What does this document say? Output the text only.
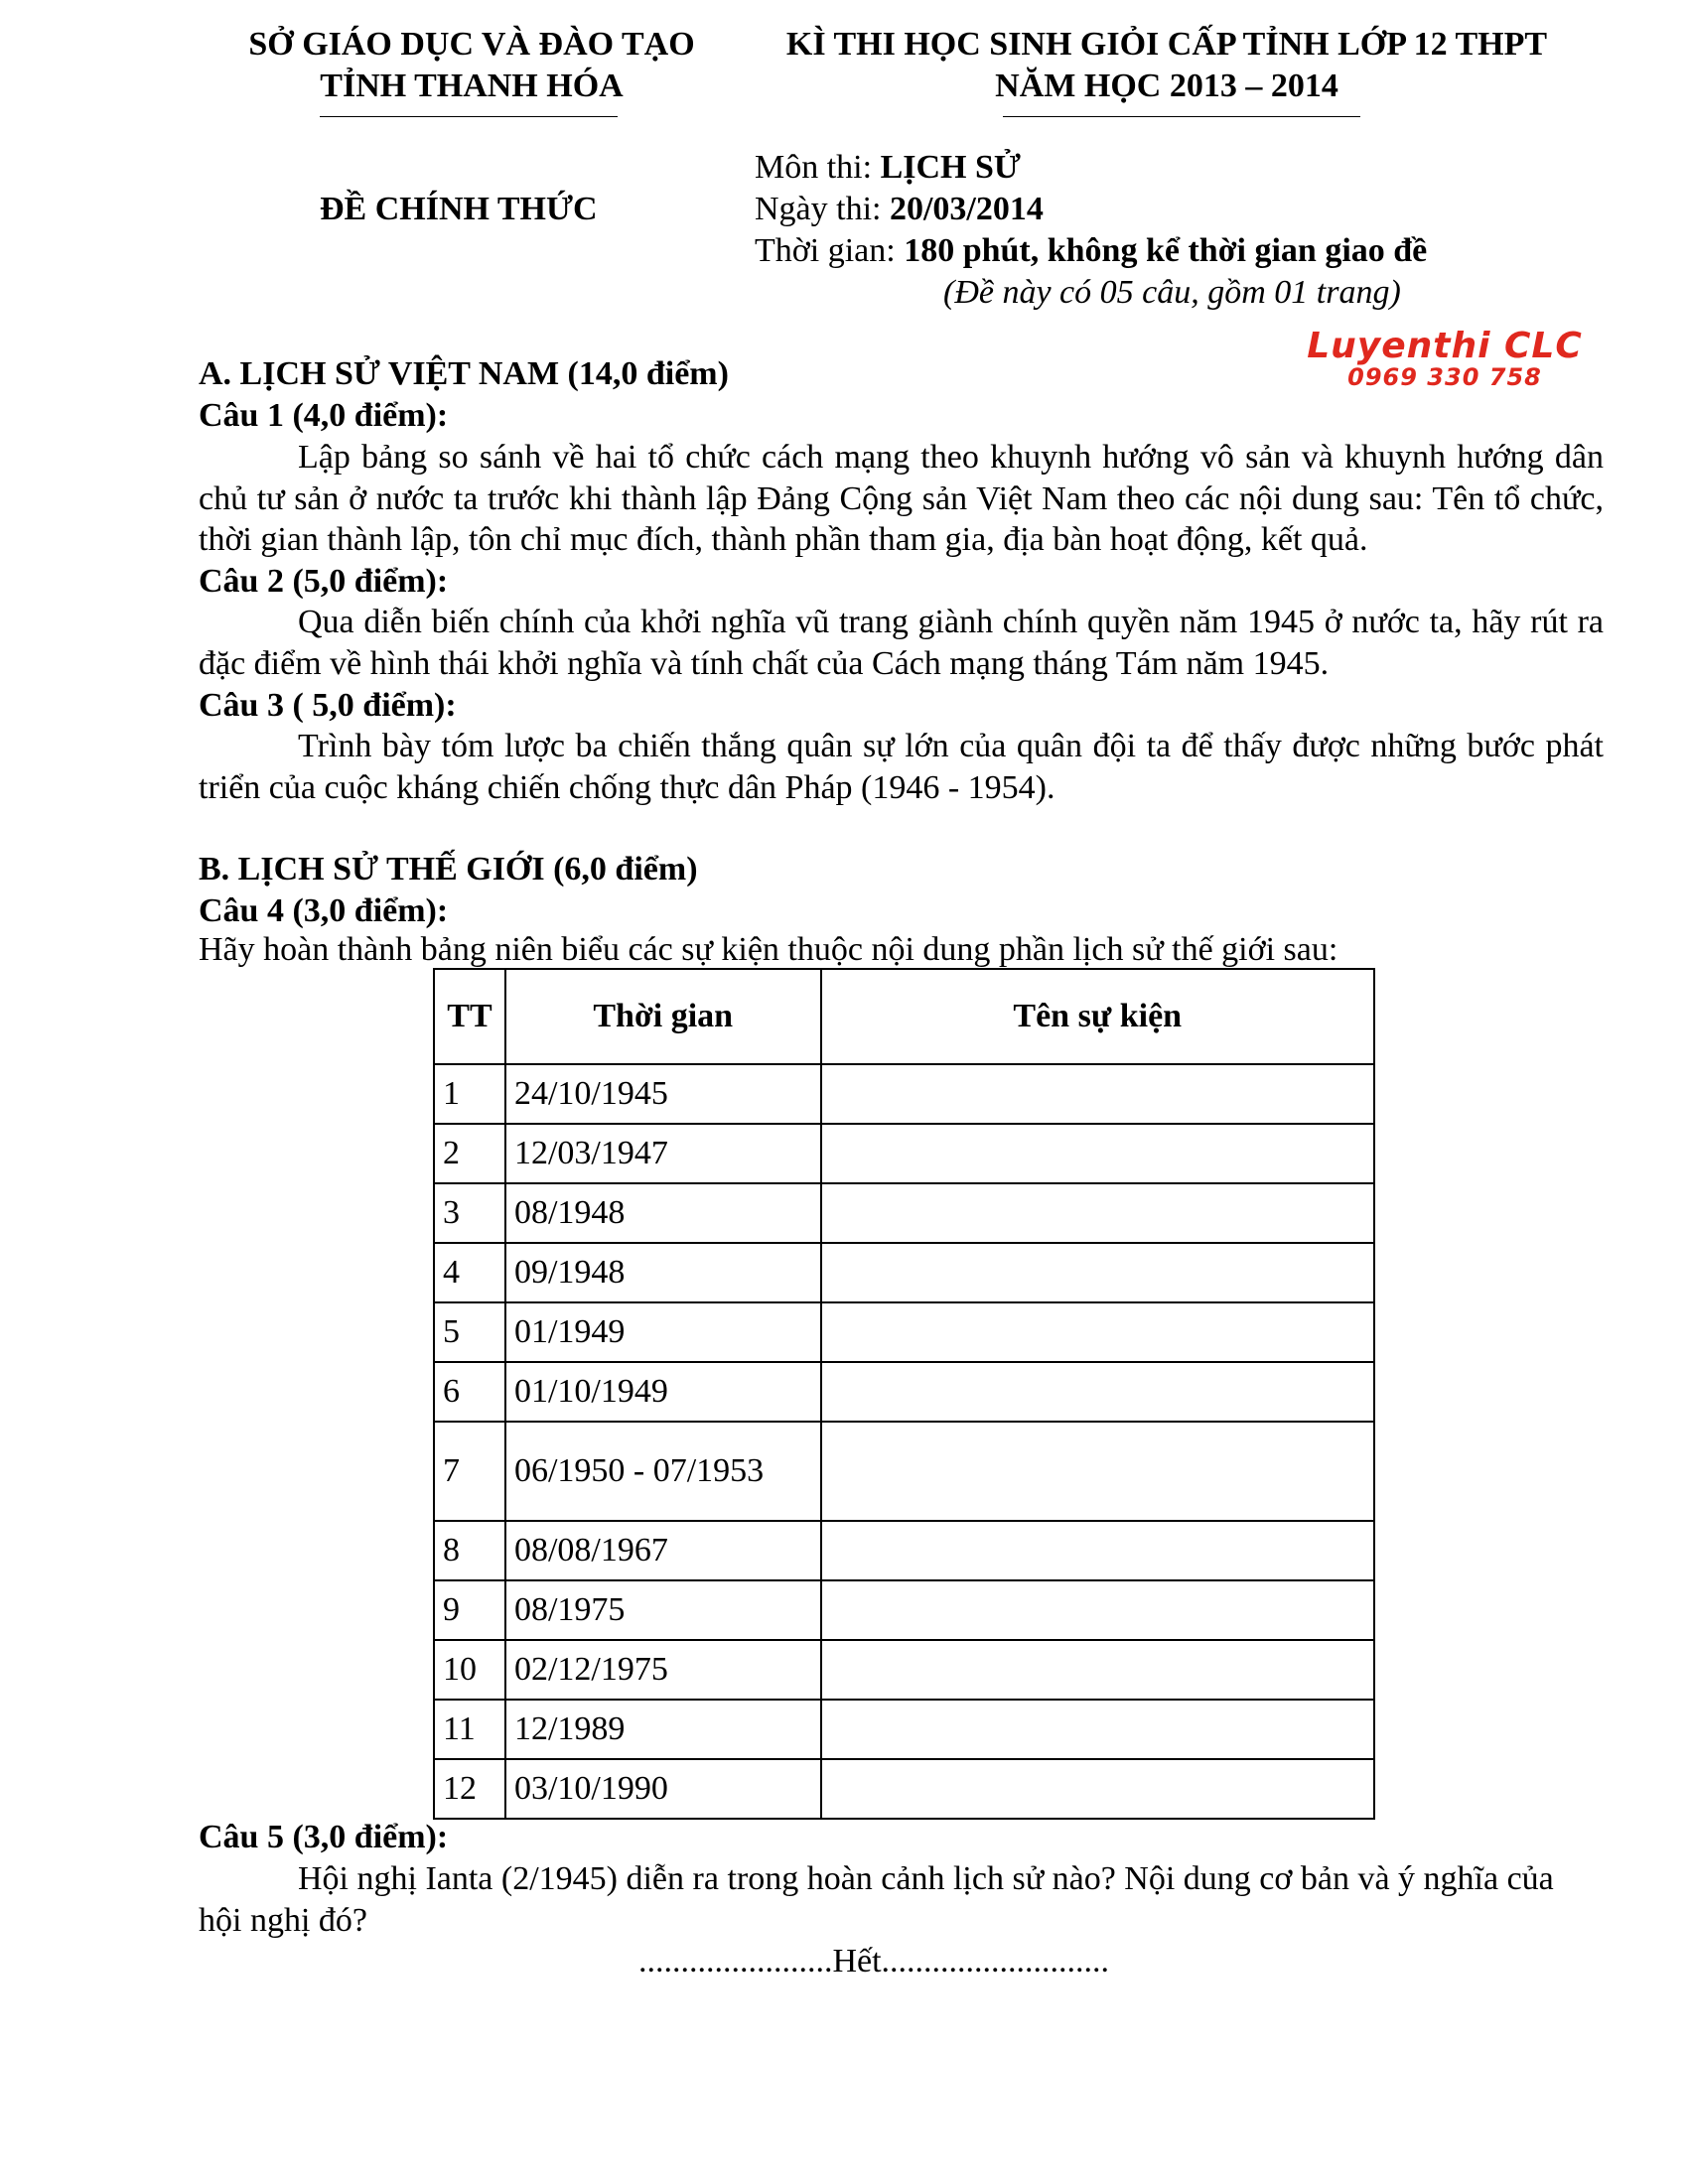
SỞ GIÁO DỤC VÀ ĐÀO TẠO
TỈNH THANH HÓA
KÌ THI HỌC SINH GIỎI CẤP TỈNH LỚP 12 THPT
NĂM HỌC 2013 – 2014
ĐỀ CHÍNH THỨC
Môn thi: LỊCH SỬ
Ngày thi: 20/03/2014
Thời gian: 180 phút, không kể thời gian giao đề
(Đề này có 05 câu, gồm 01 trang)
Luyenthi CLC
0969 330 758
A. LỊCH SỬ VIỆT NAM (14,0 điểm)
Câu 1 (4,0 điểm):
Lập bảng so sánh về hai tổ chức cách mạng theo khuynh hướng vô sản và khuynh hướng dân chủ tư sản ở nước ta trước khi thành lập Đảng Cộng sản Việt Nam theo các nội dung sau: Tên tổ chức, thời gian thành lập, tôn chỉ mục đích, thành phần tham gia, địa bàn hoạt động, kết quả.
Câu 2 (5,0 điểm):
Qua diễn biến chính của khởi nghĩa vũ trang giành chính quyền năm 1945 ở nước ta, hãy rút ra đặc điểm về hình thái khởi nghĩa và tính chất của Cách mạng tháng Tám năm 1945.
Câu 3 ( 5,0 điểm):
Trình bày tóm lược ba chiến thắng quân sự lớn của quân đội ta để thấy được những bước phát triển của cuộc kháng chiến chống thực dân Pháp (1946 - 1954).
B. LỊCH SỬ THẾ GIỚI (6,0 điểm)
Câu 4 (3,0 điểm):
Hãy hoàn thành bảng niên biểu các sự kiện thuộc nội dung phần lịch sử thế giới sau:
TT	Thời gian	Tên sự kiện
1	24/10/1945	
2	12/03/1947	
3	08/1948	
4	09/1948	
5	01/1949	
6	01/10/1949	
7	06/1950 - 07/1953	
8	08/08/1967	
9	08/1975	
10	02/12/1975	
11	12/1989	
12	03/10/1990	
Câu 5 (3,0 điểm):
Hội nghị Ianta (2/1945) diễn ra trong hoàn cảnh lịch sử nào? Nội dung cơ bản và ý nghĩa của hội nghị đó?
.......................Hết...........................
